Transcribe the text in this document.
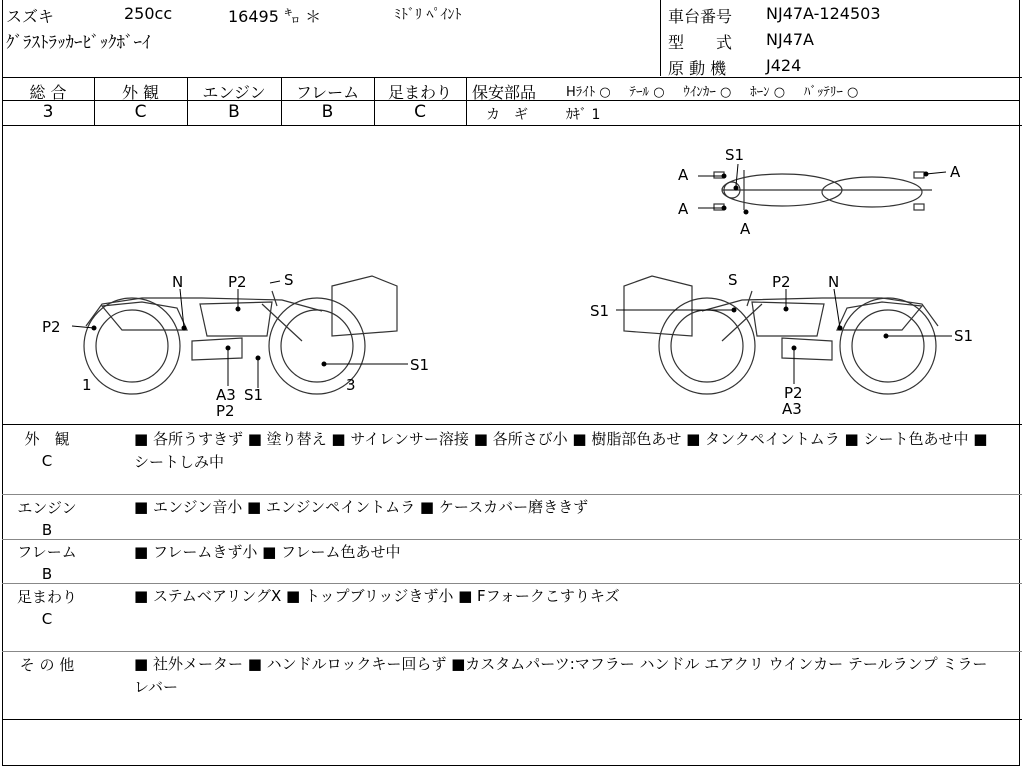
スズキ	250cc	16495 ㌔ ＊	ﾐﾄﾞﾘ ﾍﾟｲﾝﾄ
ｸﾞﾗｽﾄﾗｯｶｰﾋﾞｯｸﾎﾞｰｲ
車台番号 NJ47A-124503
型　　式 NJ47A
原 動 機 J424
総 合	外 観	エンジン	フレーム	足まわり
3	C	B	B	C
保安部品 Hﾗｲﾄ ○ ﾃｰﾙ ○ ｳｲﾝｶｰ ○ ﾎｰﾝ ○ ﾊﾞｯﾃﾘｰ ○
カ　ギ	ｶｷﾞ 1
S1
A
A
A
A
N
P2
S
P2
1
A3 S1
P2
3
S1
S P2 N
S1
S1
P2
A3
外　観
C
■ 各所うすきず ■ 塗り替え ■ サイレンサー溶接 ■ 各所さび小 ■ 樹脂部色あせ ■ タンクペイントムラ ■ シート色あせ中 ■ シートしみ中
エンジン
B
■ エンジン音小 ■ エンジンペイントムラ ■ ケースカバー磨ききず
フレーム
B
■ フレームきず小 ■ フレーム色あせ中
足まわり
C
■ ステムベアリングX ■ トップブリッジきず小 ■ Fフォークこすりキズ
そ の 他	■ 社外メーター ■ ハンドルロックキー回らず ■カスタムパーツ:マフラー ハンドル エアクリ ウインカー テールランプ ミラー レバー
